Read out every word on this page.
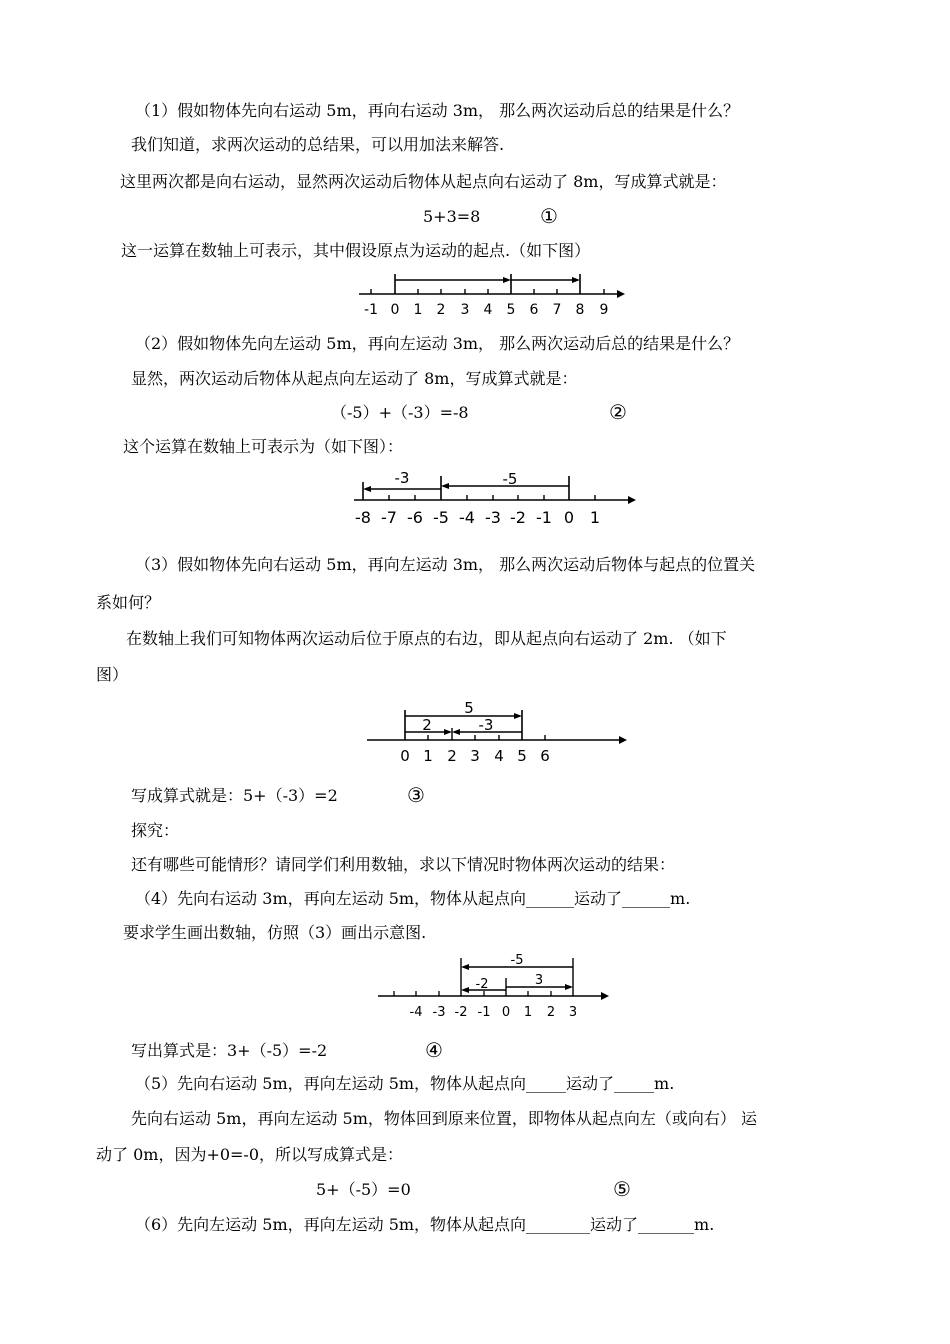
（1）假如物体先向右运动 5m，再向右运动 3m， 那么两次运动后总的结果是什么？

我们知道，求两次运动的总结果，可以用加法来解答.

这里两次都是向右运动，显然两次运动后物体从起点向右运动了 8m，写成算式就是：

5+3=8	①

这一运算在数轴上可表示，其中假设原点为运动的起点.（如下图）

-1 0 1 2 3 4 5 6 7 8 9

（2）假如物体先向左运动 5m，再向左运动 3m， 那么两次运动后总的结果是什么？

显然，两次运动后物体从起点向左运动了 8m，写成算式就是：

（-5）+（-3）=-8	②

这个运算在数轴上可表示为（如下图）：

-3	-5
-8 -7 -6 -5 -4 -3 -2 -1 0 1

（3）假如物体先向右运动 5m，再向左运动 3m， 那么两次运动后物体与起点的位置关

系如何？

在数轴上我们可知物体两次运动后位于原点的右边，即从起点向右运动了 2m. （如下

图）

5
2	-3
0 1 2 3 4 5 6

写成算式就是：5+（-3）=2	③

探究：

还有哪些可能情形？请同学们利用数轴，求以下情况时物体两次运动的结果：

（4）先向右运动 3m，再向左运动 5m，物体从起点向______运动了______m.

要求学生画出数轴，仿照（3）画出示意图.

-5
3
-2
-4 -3 -2 -1 0 1 2 3

写出算式是：3+（-5）=-2	④

（5）先向右运动 5m，再向左运动 5m，物体从起点向_____运动了_____m.

先向右运动 5m，再向左运动 5m，物体回到原来位置，即物体从起点向左（或向右） 运

动了 0m，因为+0=-0，所以写成算式是：

5+（-5）=0	⑤

（6）先向左运动 5m，再向左运动 5m，物体从起点向________运动了_______m.
